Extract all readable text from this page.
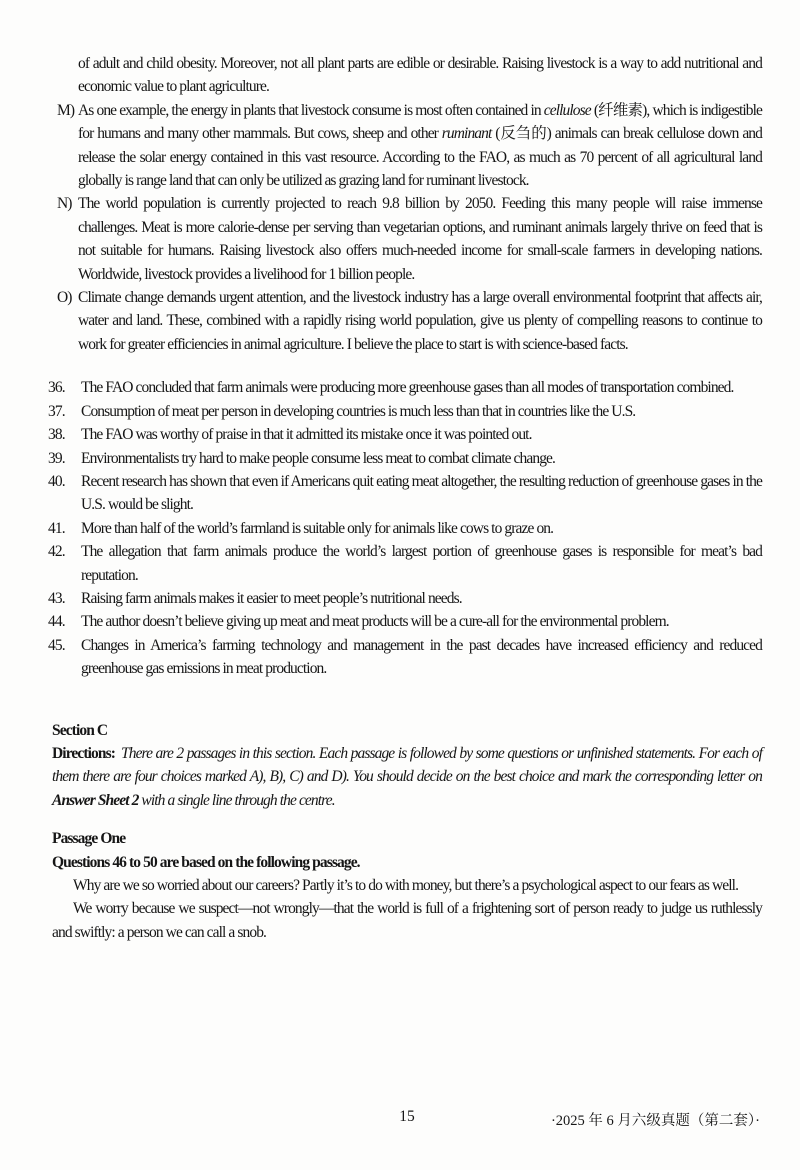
of adult and child obesity. Moreover, not all plant parts are edible or desirable. Raising livestock is a way to add nutritional and economic value to plant agriculture.

M) As one example, the energy in plants that livestock consume is most often contained in cellulose (纤维素), which is indigestible for humans and many other mammals. But cows, sheep and other ruminant (反刍的) animals can break cellulose down and release the solar energy contained in this vast resource. According to the FAO, as much as 70 percent of all agricultural land globally is range land that can only be utilized as grazing land for ruminant livestock.

N) The world population is currently projected to reach 9.8 billion by 2050. Feeding this many people will raise immense challenges. Meat is more calorie-dense per serving than vegetarian options, and ruminant animals largely thrive on feed that is not suitable for humans. Raising livestock also offers much-needed income for small-scale farmers in developing nations. Worldwide, livestock provides a livelihood for 1 billion people.

O) Climate change demands urgent attention, and the livestock industry has a large overall environmental footprint that affects air, water and land. These, combined with a rapidly rising world population, give us plenty of compelling reasons to continue to work for greater efficiencies in animal agriculture. I believe the place to start is with science-based facts.

36. The FAO concluded that farm animals were producing more greenhouse gases than all modes of transportation combined.

37. Consumption of meat per person in developing countries is much less than that in countries like the U.S.

38. The FAO was worthy of praise in that it admitted its mistake once it was pointed out.

39. Environmentalists try hard to make people consume less meat to combat climate change.

40. Recent research has shown that even if Americans quit eating meat altogether, the resulting reduction of greenhouse gases in the U.S. would be slight.

41. More than half of the world’s farmland is suitable only for animals like cows to graze on.

42. The allegation that farm animals produce the world’s largest portion of greenhouse gases is responsible for meat’s bad reputation.

43. Raising farm animals makes it easier to meet people’s nutritional needs.

44. The author doesn’t believe giving up meat and meat products will be a cure-all for the environmental problem.

45. Changes in America’s farming technology and management in the past decades have increased efficiency and reduced greenhouse gas emissions in meat production.

Section C

Directions: There are 2 passages in this section. Each passage is followed by some questions or unfinished statements. For each of them there are four choices marked A), B), C) and D). You should decide on the best choice and mark the corresponding letter on Answer Sheet 2 with a single line through the centre.

Passage One

Questions 46 to 50 are based on the following passage.

Why are we so worried about our careers? Partly it’s to do with money, but there’s a psychological aspect to our fears as well.

We worry because we suspect—not wrongly—that the world is full of a frightening sort of person ready to judge us ruthlessly and swiftly: a person we can call a snob.

15	·2025 年 6 月六级真题（第二套）·
